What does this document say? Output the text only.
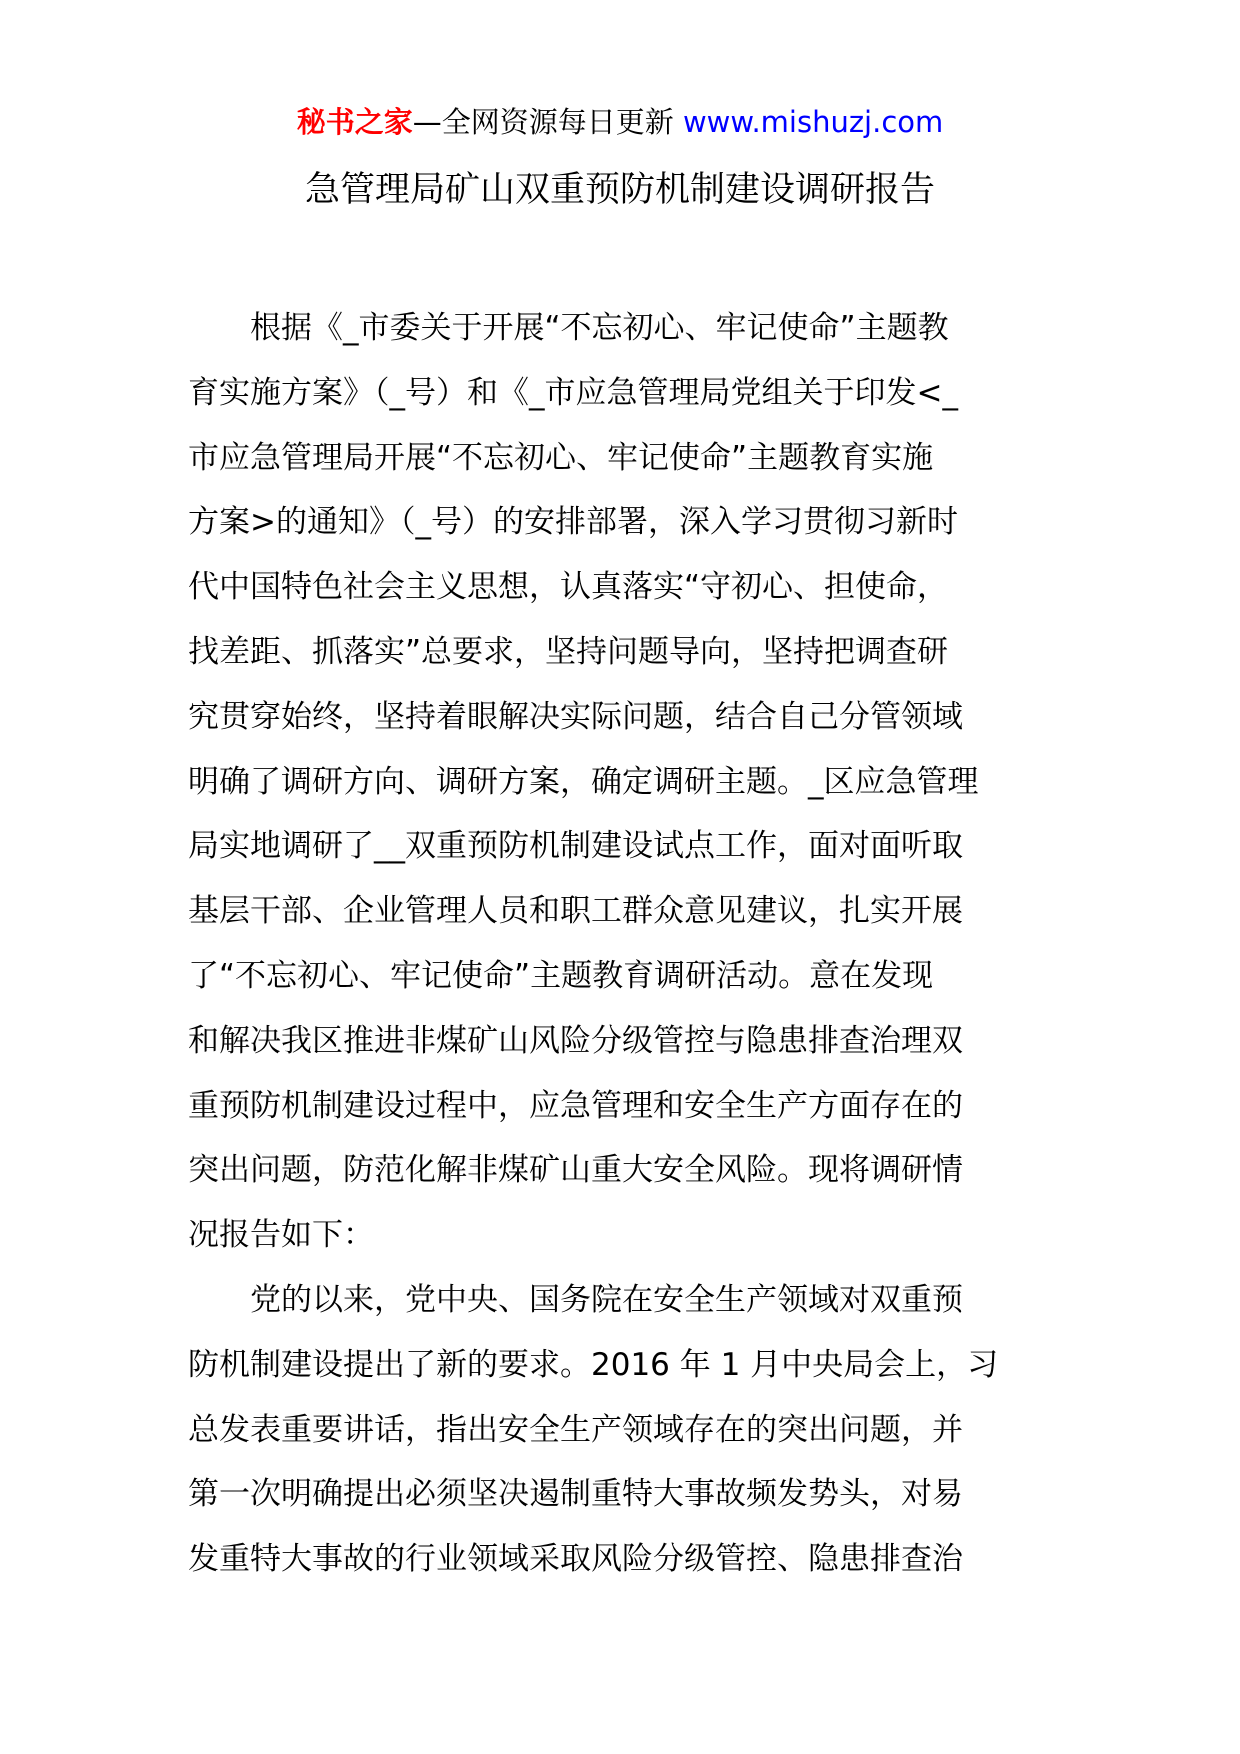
秘书之家—全网资源每日更新 www.mishuzj.com
急管理局矿山双重预防机制建设调研报告
　　根据《_市委关于开展“不忘初心、牢记使命”主题教
育实施方案》（_号）和《_市应急管理局党组关于印发<_
市应急管理局开展“不忘初心、牢记使命”主题教育实施
方案>的通知》（_号）的安排部署，深入学习贯彻习新时
代中国特色社会主义思想，认真落实“守初心、担使命，
找差距、抓落实”总要求，坚持问题导向，坚持把调查研
究贯穿始终，坚持着眼解决实际问题，结合自己分管领域
明确了调研方向、调研方案，确定调研主题。_区应急管理
局实地调研了__双重预防机制建设试点工作，面对面听取
基层干部、企业管理人员和职工群众意见建议，扎实开展
了“不忘初心、牢记使命”主题教育调研活动。意在发现
和解决我区推进非煤矿山风险分级管控与隐患排查治理双
重预防机制建设过程中，应急管理和安全生产方面存在的
突出问题，防范化解非煤矿山重大安全风险。现将调研情
况报告如下：
　　党的以来，党中央、国务院在安全生产领域对双重预
防机制建设提出了新的要求。2016 年 1 月中央局会上，习
总发表重要讲话，指出安全生产领域存在的突出问题，并
第一次明确提出必须坚决遏制重特大事故频发势头，对易
发重特大事故的行业领域采取风险分级管控、隐患排查治
